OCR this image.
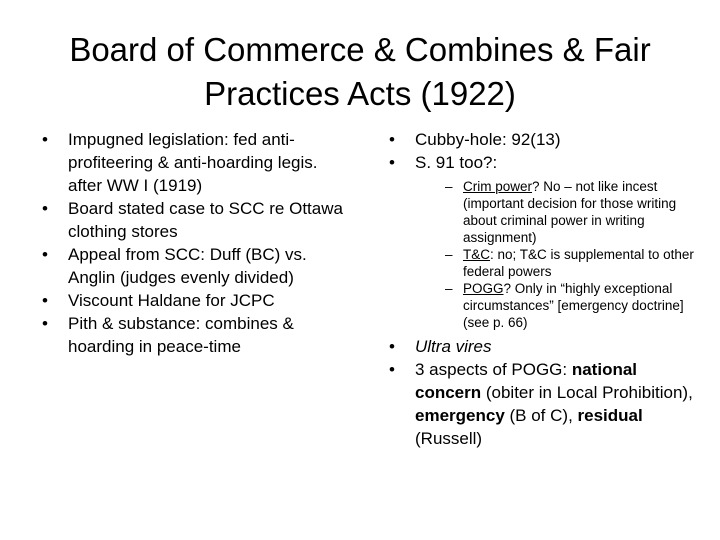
Board of Commerce & Combines & Fair
Practices Acts (1922)
• Impugned legislation: fed anti-profiteering & anti-hoarding legis. after WW I (1919)
• Board stated case to SCC re Ottawa clothing stores
• Appeal from SCC: Duff (BC) vs. Anglin (judges evenly divided)
• Viscount Haldane for JCPC
• Pith & substance: combines & hoarding in peace-time
• Cubby-hole: 92(13)
• S. 91 too?:
– Crim power? No – not like incest (important decision for those writing about criminal power in writing assignment)
– T&C: no; T&C is supplemental to other federal powers
– POGG? Only in “highly exceptional circumstances” [emergency doctrine] (see p. 66)
• Ultra vires
• 3 aspects of POGG: national concern (obiter in Local Prohibition), emergency (B of C), residual (Russell)
